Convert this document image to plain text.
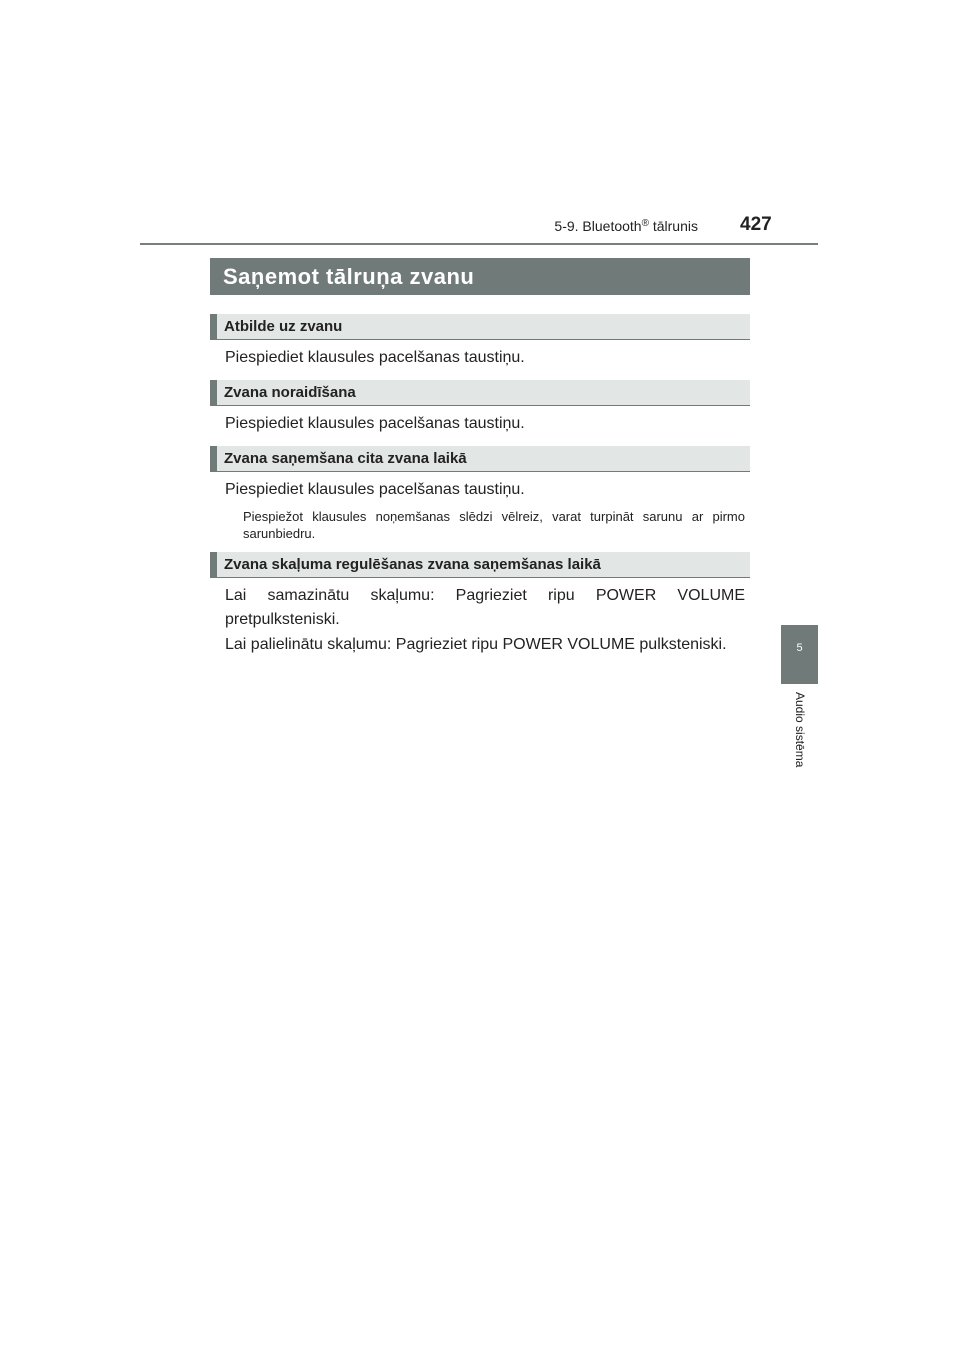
5-9. Bluetooth® tālrunis 427
Saņemot tālruņa zvanu
Atbilde uz zvanu
Piespiediet klausules pacelšanas taustiņu.
Zvana noraidīšana
Piespiediet klausules pacelšanas taustiņu.
Zvana saņemšana cita zvana laikā
Piespiediet klausules pacelšanas taustiņu.
Piespiežot klausules noņemšanas slēdzi vēlreiz, varat turpināt sarunu ar pirmo sarunbiedru.
Zvana skaļuma regulēšanas zvana saņemšanas laikā
Lai samazinātu skaļumu: Pagrieziet ripu POWER VOLUME pretpulksteniski.
Lai palielinātu skaļumu: Pagrieziet ripu POWER VOLUME pulksteniski.	5
Audio sistēma
